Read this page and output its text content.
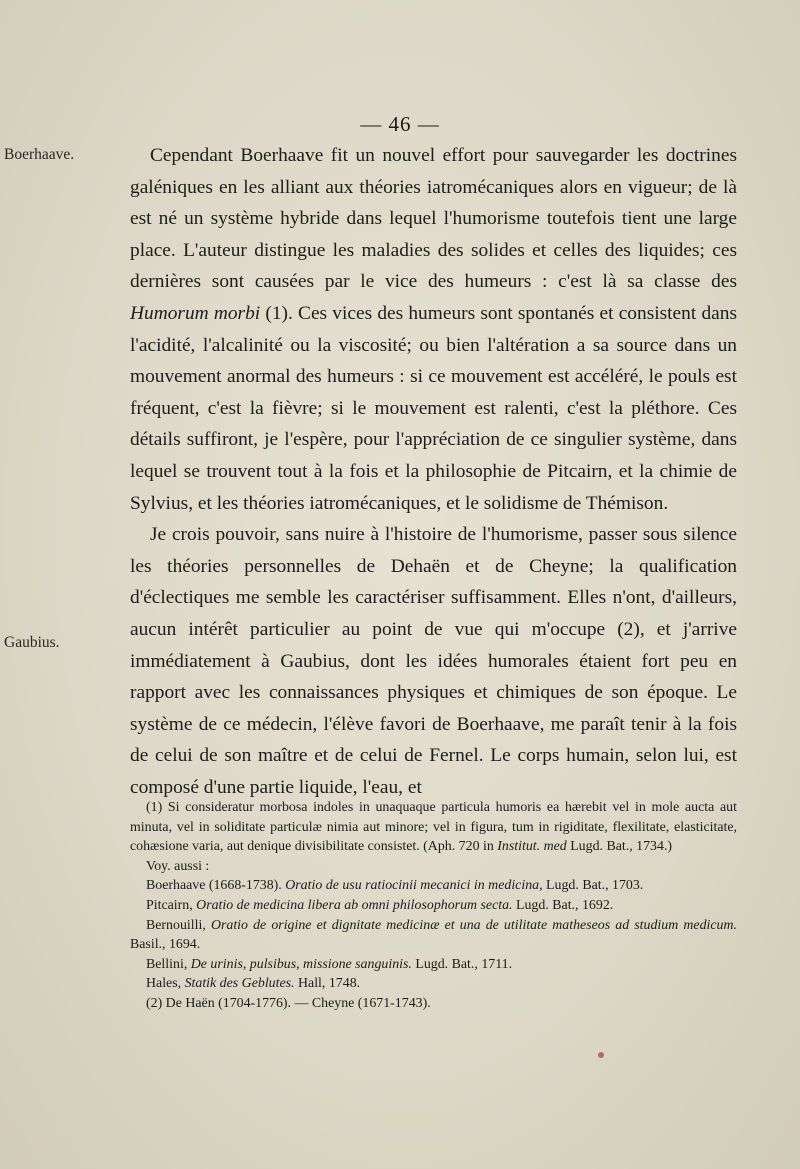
— 46 —
Boerhaave.
Gaubius.

Cependant Boerhaave fit un nouvel effort pour sauvegarder les doctrines galéniques en les alliant aux théories iatromécaniques alors en vigueur; de là est né un système hybride dans lequel l'humorisme toutefois tient une large place. L'auteur distingue les maladies des solides et celles des liquides; ces dernières sont causées par le vice des humeurs : c'est là sa classe des Humorum morbi (1). Ces vices des humeurs sont spontanés et consistent dans l'acidité, l'alcalinité ou la viscosité; ou bien l'altération a sa source dans un mouvement anormal des humeurs : si ce mouvement est accéléré, le pouls est fréquent, c'est la fièvre; si le mouvement est ralenti, c'est la pléthore. Ces détails suffiront, je l'espère, pour l'appréciation de ce singulier système, dans lequel se trouvent tout à la fois et la philosophie de Pitcairn, et la chimie de Sylvius, et les théories iatromécaniques, et le solidisme de Thémison.

Je crois pouvoir, sans nuire à l'histoire de l'humorisme, passer sous silence les théories personnelles de Dehaën et de Cheyne; la qualification d'éclectiques me semble les caractériser suffisamment. Elles n'ont, d'ailleurs, aucun intérêt particulier au point de vue qui m'occupe (2), et j'arrive immédiatement à Gaubius, dont les idées humorales étaient fort peu en rapport avec les connaissances physiques et chimiques de son époque. Le système de ce médecin, l'élève favori de Boerhaave, me paraît tenir à la fois de celui de son maître et de celui de Fernel. Le corps humain, selon lui, est composé d'une partie liquide, l'eau, et

(1) Si consideratur morbosa indoles in unaquaque particula humoris ea hærebit vel in mole aucta aut minuta, vel in soliditate particulæ nimia aut minore; vel in figura, tum in rigiditate, flexilitate, elasticitate, cohæsione varia, aut denique divisibilitate consistet. (Aph. 720 in Institut. med Lugd. Bat., 1734.)

Voy. aussi :

Boerhaave (1668-1738). Oratio de usu ratiocinii mecanici in medicina, Lugd. Bat., 1703.

Pitcairn, Oratio de medicina libera ab omni philosophorum secta. Lugd. Bat., 1692.

Bernouilli, Oratio de origine et dignitate medicinæ et una de utilitate matheseos ad studium medicum. Basil., 1694.

Bellini, De urinis, pulsibus, missione sanguinis. Lugd. Bat., 1711.

Hales, Statik des Geblutes. Hall, 1748.

(2) De Haën (1704-1776). — Cheyne (1671-1743).
